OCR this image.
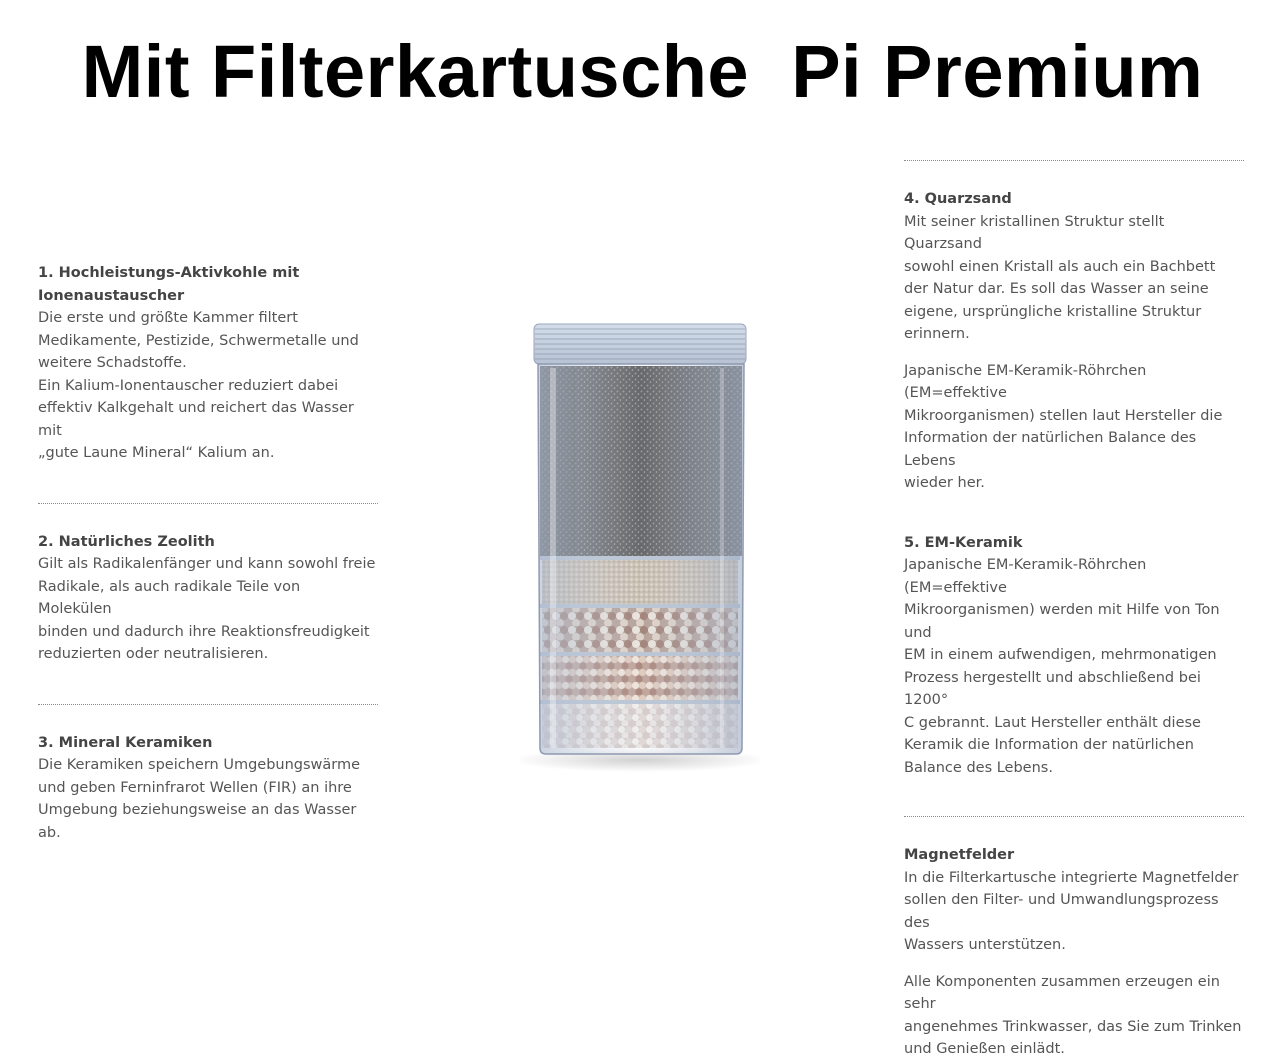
Mit Filterkartusche  Pi Premium

1. Hochleistungs-Aktivkohle mit
Ionenaustauscher

Die erste und größte Kammer filtert
Medikamente, Pestizide, Schwermetalle und
weitere Schadstoffe.
Ein Kalium-Ionentauscher reduziert dabei
effektiv Kalkgehalt und reichert das Wasser mit
„gute Laune Mineral“ Kalium an.

2. Natürliches Zeolith

Gilt als Radikalenfänger und kann sowohl freie
Radikale, als auch radikale Teile von Molekülen
binden und dadurch ihre Reaktionsfreudigkeit
reduzierten oder neutralisieren.

3. Mineral Keramiken

Die Keramiken speichern Umgebungswärme
und geben Ferninfrarot Wellen (FIR) an ihre
Umgebung beziehungsweise an das Wasser ab.

4. Quarzsand

Mit seiner kristallinen Struktur stellt Quarzsand
sowohl einen Kristall als auch ein Bachbett
der Natur dar. Es soll das Wasser an seine
eigene, ursprüngliche kristalline Struktur
erinnern.

Japanische EM-Keramik-Röhrchen (EM=effektive
Mikroorganismen) stellen laut Hersteller die
Information der natürlichen Balance des Lebens
wieder her.

5. EM-Keramik

Japanische EM-Keramik-Röhrchen (EM=effektive
Mikroorganismen) werden mit Hilfe von Ton und
EM in einem aufwendigen, mehrmonatigen
Prozess hergestellt und abschließend bei 1200°
C gebrannt. Laut Hersteller enthält diese
Keramik die Information der natürlichen
Balance des Lebens.

Magnetfelder

In die Filterkartusche integrierte Magnetfelder
sollen den Filter- und Umwandlungsprozess des
Wassers unterstützen.

Alle Komponenten zusammen erzeugen ein sehr
angenehmes Trinkwasser, das Sie zum Trinken
und Genießen einlädt.
